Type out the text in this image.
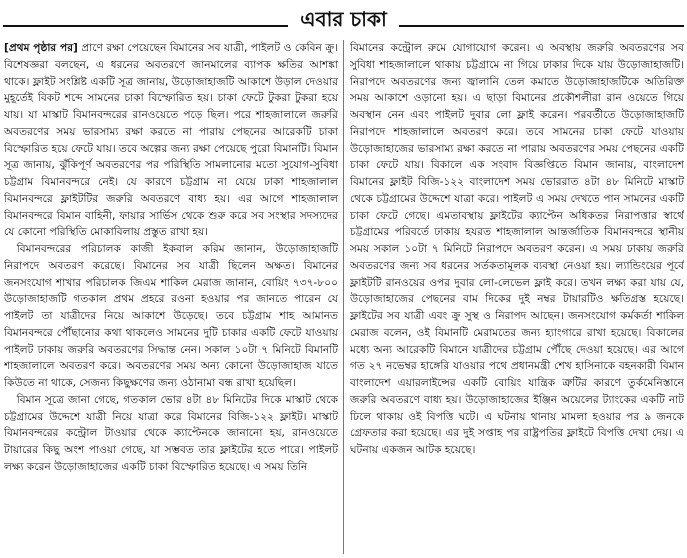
এবার চাকা

[প্রথম পৃষ্ঠার পর] প্রাণে রক্ষা পেয়েছেন বিমানের সব যাত্রী, পাইলট ও কেবিন ক্রু। বিশেষজ্ঞরা বলছেন, এ ধরনের অবতরণে জানমালের ব্যাপক ক্ষতির আশঙ্কা থাকে। ফ্লাইট সংশ্লিষ্ট একটি সূত্র জানায়, উড়োজাহাজটি আকাশে উড়াল দেওয়ার মুহূর্তেই বিকট শব্দে সামনের চাকা বিস্ফোরিত হয়। চাকা ফেটে টুকরা টুকরা হয়ে যায়। যা মাস্কাট বিমানবন্দরের রানওয়েতে পড়ে ছিল। পরে শাহজালালে জরুরি অবতরণের সময় ভারসাম্য রক্ষা করতে না পারায় পেছনের আরেকটি চাকা বিস্ফোরিত হয়ে ফেটে যায়। তবে অল্পের জন্য রক্ষা পেয়েছে পুরো বিমানটি। বিমান সূত্র জানায়, ঝুঁকিপূর্ণ অবতরণের পর পরিস্থিতি সামলানোর মতো সুযোগ-সুবিধা চট্টগ্রাম বিমানবন্দরে নেই। যে কারণে চট্টগ্রাম না যেয়ে ঢাকা শাহজালাল বিমানবন্দরে ফ্লাইটটির জরুরি অবতরণে বাধ্য হয়। এর আগে শাহজালাল বিমানবন্দরে বিমান বাহিনী, ফায়ার সার্ভিস থেকে শুরু করে সব সংস্থার সদস্যদের যে কোনো পরিস্থিতি মোকাবিলায় প্রস্তুত রাখা হয়।

বিমানবন্দরের পরিচালক কাজী ইকবাল করিম জানান, উড়োজাহাজটি নিরাপদে অবতরণ করেছে। বিমানের সব যাত্রী ছিলেন অক্ষত। বিমানের জনসংযোগ শাখার পরিচালক জিএম শাকিল মেরাজ জানান, বোয়িং ৭৩৭-৮০০ উড়োজাহাজটি গতকাল প্রথম প্রহরে রওনা হওয়ার পর জানতে পারেন যে পাইলট তা যাত্রীদের নিয়ে আকাশে উড়েছে। তবে চট্টগ্রাম শাহ আমানত বিমানবন্দরে পৌঁছানোর কথা থাকলেও সামনের দুটি চাকার একটি ফেটে যাওয়ায় পাইলট ঢাকায় জরুরি অবতরণের সিদ্ধান্ত নেন। সকাল ১০টা ৭ মিনিটে বিমানটি শাহজালালে অবতরণ করে। অবতরণের সময় অন্য কোনো উড়োজাহাজ যাতে কিউতে না থাকে, সেজন্য কিছুক্ষণের জন্য ওঠানামা বন্ধ রাখা হয়েছিল।

বিমান সূত্রে জানা গেছে, গতকাল ভোর ৪টা ৪৮ মিনিটের দিকে মাস্কাট থেকে চট্টগ্রামের উদ্দেশে যাত্রী নিয়ে যাত্রা করে বিমানের বিজি-১২২ ফ্লাইট। মাস্কাট বিমানবন্দরের কন্ট্রোল টাওয়ার থেকে ক্যাপ্টেনকে জানানো হয়, রানওয়েতে টায়ারের কিছু অংশ পাওয়া গেছে, যা সম্ভবত তার ফ্লাইটের হতে পারে। পাইলট লক্ষ্য করেন উড়োজাহাজের একটি চাকা বিস্ফোরিত হয়েছে। এ সময় তিনি

বিমানের কন্ট্রোল রুমে যোগাযোগ করেন। এ অবস্থায় জরুরি অবতরণের সব সুবিধা শাহজালালে থাকায় চট্টগ্রামে না গিয়ে ঢাকার দিকে যায় উড়োজাহাজটি। নিরাপদে অবতরণের জন্য জ্বালানি তেল কমাতে উড়োজাহাজটিকে অতিরিক্ত সময় আকাশে ওড়ানো হয়। এ ছাড়া বিমানের প্রকৌশলীরা রান ওয়েতে গিয়ে অবস্থান নেন এবং পাইলট দুবার লো ফ্লাই করেন। পরবর্তীতে উড়োজাহাজটি নিরাপদে শাহজালালে অবতরণ করে। তবে সামনের চাকা ফেটে যাওয়ায় উড়োজাহাজের ভারসাম্য রক্ষা করতে না পারায় অবতরণের সময় পেছনের একটি চাকা ফেটে যায়। বিকালে এক সংবাদ বিজ্ঞপ্তিতে বিমান জানায়, বাংলাদেশ বিমানের ফ্লাইট বিজি-১২২ বাংলাদেশ সময় ভোররাত ৪টা ৪৮ মিনিটে মাস্কাট থেকে চট্টগ্রামের উদ্দেশে যাত্রা করে। পাইলট এ সময় দেখতে পান সামনের একটি চাকা ফেটে গেছে। এমতাবস্থায় ফ্লাইটের ক্যাপ্টেন অধিকতর নিরাপত্তার স্বার্থে চট্টগ্রামের পরিবর্তে ঢাকায় হযরত শাহজালাল আন্তর্জাতিক বিমানবন্দরে স্থানীয় সময় সকাল ১০টা ৭ মিনিটে নিরাপদে অবতরণ করেন। এ সময় ঢাকায় জরুরি অবতরণের জন্য সব ধরনের সর্তকতামূলক ব্যবস্থা নেওয়া হয়। ল্যান্ডিংয়ের পূর্বে ফ্লাইটটি রানওয়ের ওপর দুবার লো-লেভেল ফ্লাই করে। তখন লক্ষ্য করা যায় যে, উড়োজাহাজের পেছনের বাম দিকের দুই নম্বর টায়ারটিও ক্ষতিগ্রস্ত হয়েছে। ফ্লাইটের সব যাত্রী এবং ক্রু সুস্থ ও নিরাপদ আছেন। জনসংযোগ কর্মকর্তা শাকিল মেরাজ বলেন, ওই বিমানটি মেরামতের জন্য হ্যাংগারে রাখা হয়েছে। বিকালের মধ্যে অন্য আরেকটি বিমানে যাত্রীদের চট্টগ্রাম পৌঁছে দেওয়া হয়েছে। এর আগে গত ২৭ নভেম্বর হাঙ্গেরি যাওয়ার পথে প্রধানমন্ত্রী শেখ হাসিনাকে বহনকারী বিমান বাংলাদেশ এয়ারলাইন্সের একটি বোয়িং যান্ত্রিক ত্রুটির কারণে তুর্কমেনিস্তানে জরুরি অবতরণে বাধ্য হয়। উড়োজাহাজের ইঞ্জিন অয়েলের ট্যাংকের একটি নাট ঢিলে থাকায় ওই বিপত্তি ঘটে। এ ঘটনায় থানায় মামলা হওয়ার পর ৯ জনকে গ্রেফতার করা হয়েছে। এর দুই সপ্তাহ পর রাষ্ট্রপতির ফ্লাইটে বিপত্তি দেখা দেয়। এ ঘটনায় একজন আটক হয়েছে।
